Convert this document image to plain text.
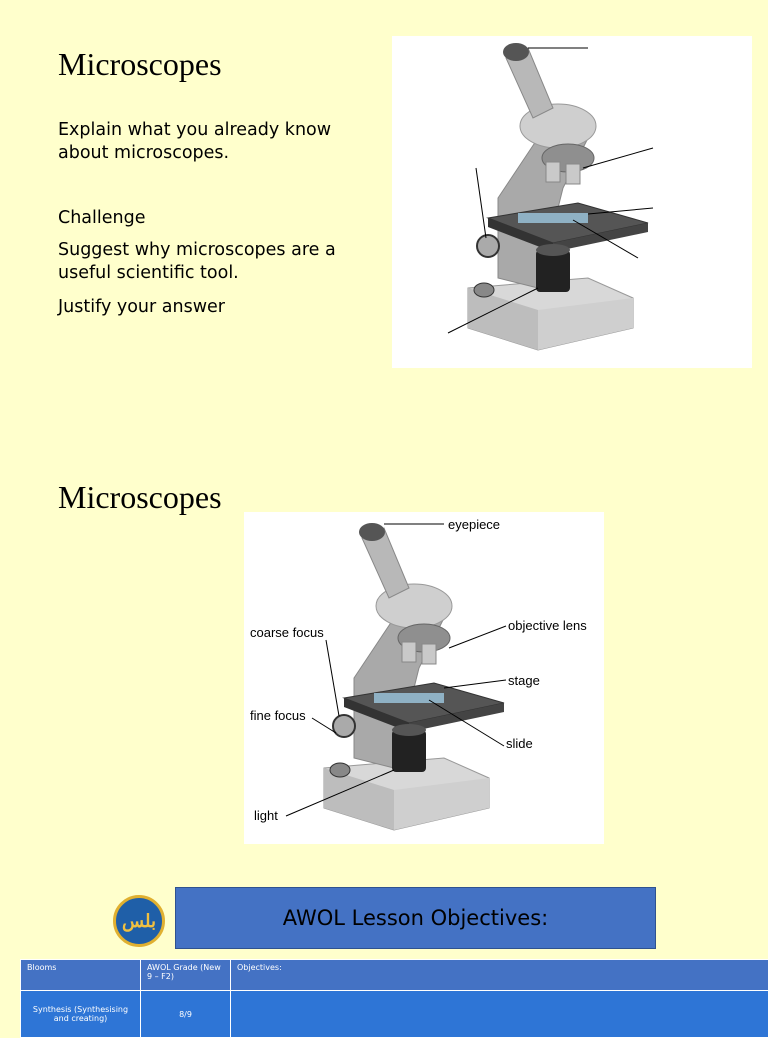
Microscopes
Explain what you already know about microscopes.
Challenge
Suggest why microscopes are a useful scientific tool.
Justify your answer
Microscopes
eyepiece
objective lens
stage
slide
coarse focus
fine focus
light
ﺑﻠﺲ	AWOL Lesson Objectives:
Blooms	AWOL Grade (New 9 – F2)	Objectives:
Synthesis (Synthesising and creating)	8/9	
